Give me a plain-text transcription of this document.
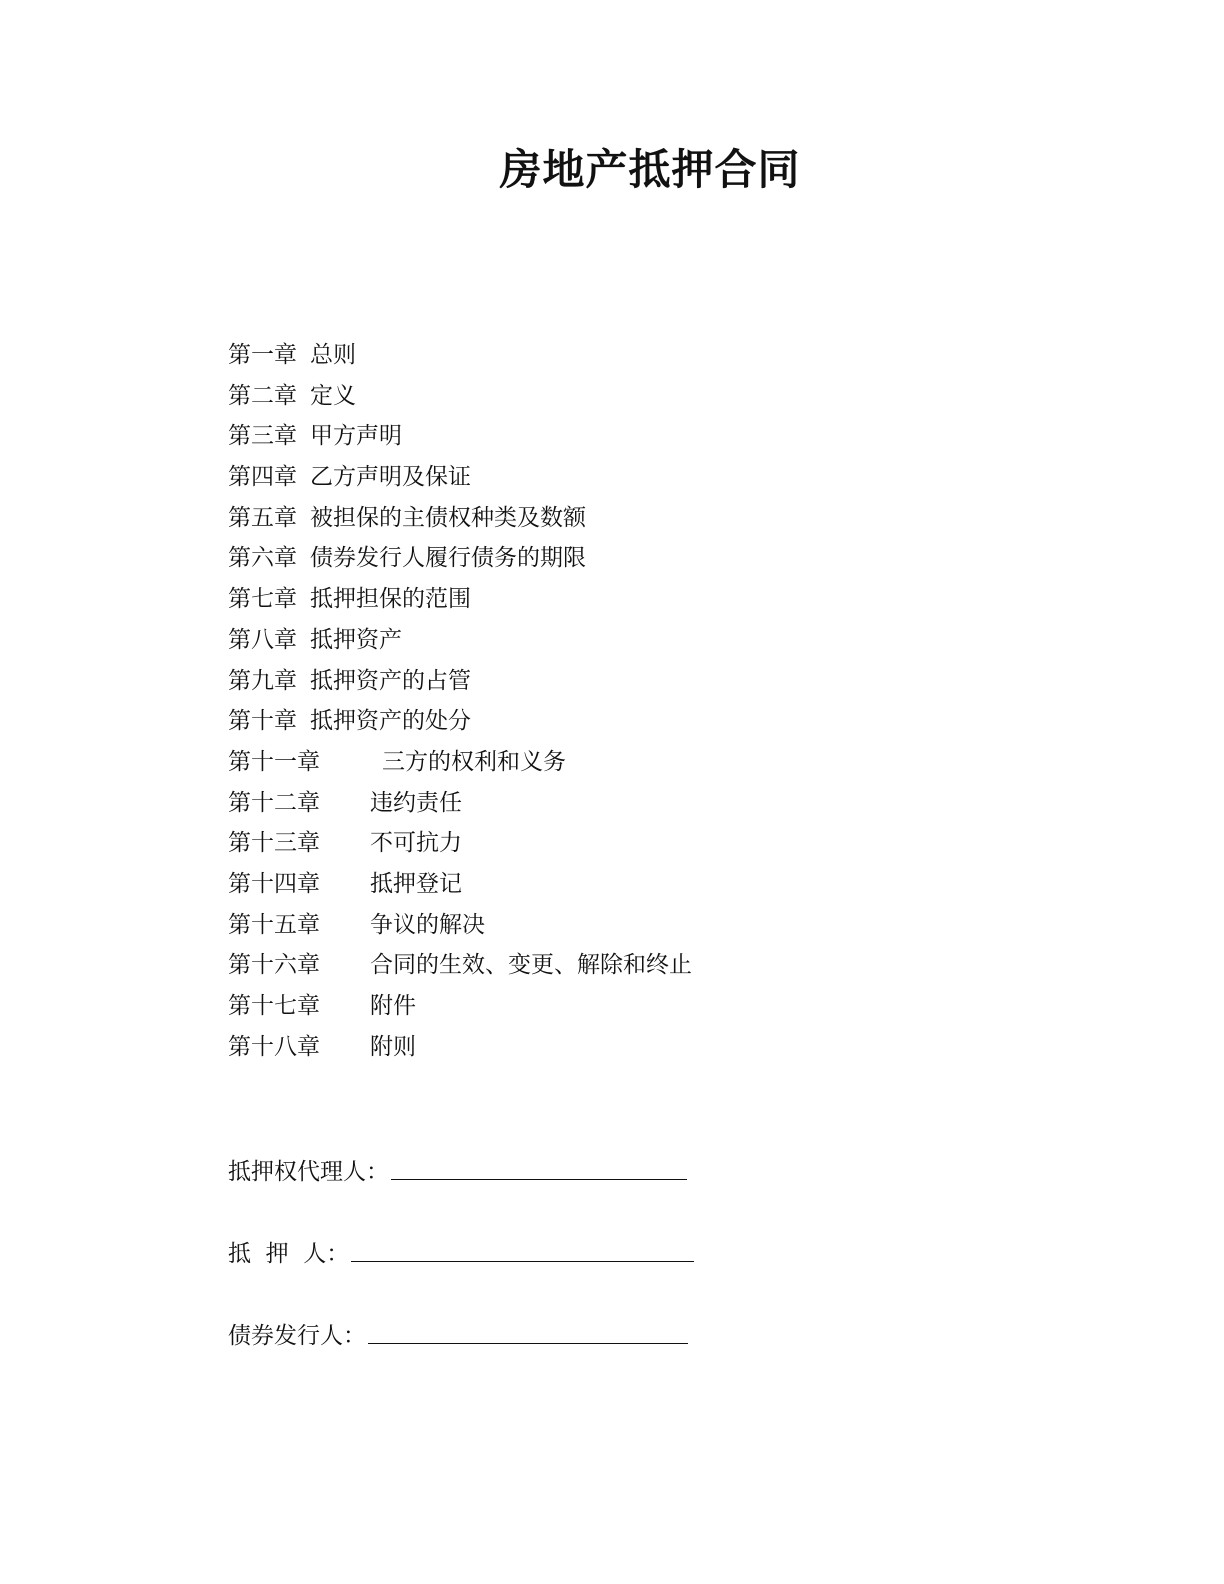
房地产抵押合同
第一章 总则
第二章 定义
第三章 甲方声明
第四章 乙方声明及保证
第五章 被担保的主债权种类及数额
第六章 债券发行人履行债务的期限
第七章 抵押担保的范围
第八章 抵押资产
第九章 抵押资产的占管
第十章 抵押资产的处分
第十一章	三方的权利和义务
第十二章 违约责任
第十三章 不可抗力
第十四章 抵押登记
第十五章 争议的解决
第十六章 合同的生效、变更、解除和终止
第十七章 附件
第十八章 附则
抵押权代理人：
抵  押  人：
债券发行人：
